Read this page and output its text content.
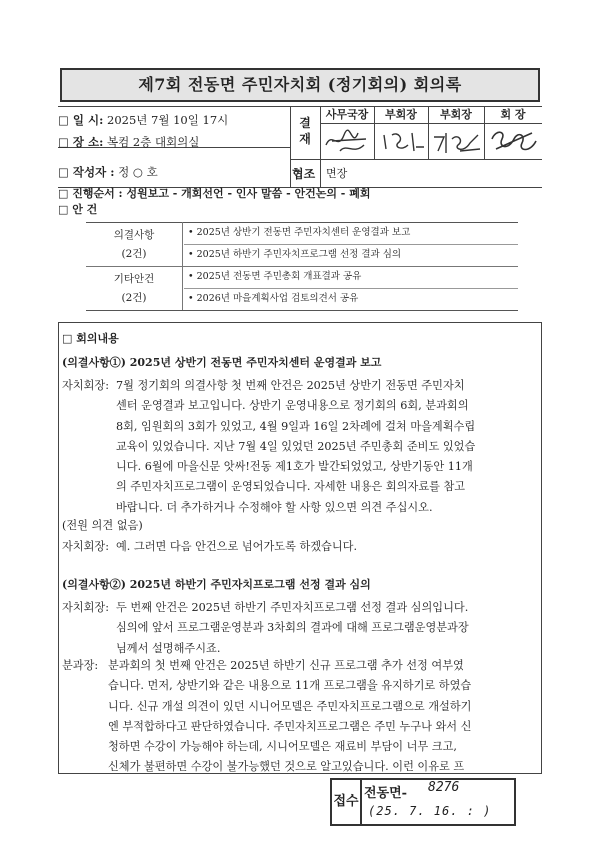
제7회 전동면 주민자치회 (정기회의) 회의록
□ 일 시: 2025년 7월 10일 17시
□ 장 소: 복컴 2층 대회의실
□ 작성자 : 정 ○ 호
결재
사무국장	부회장	부회장	회 장
협조 면장
□ 진행순서 : 성원보고 - 개회선언 - 인사 말씀 - 안건논의 - 폐회
□ 안 건
의결사항
(2건)
• 2025년 상반기 전동면 주민자치센터 운영결과 보고
• 2025년 하반기 주민자치프로그램 선정 결과 심의
기타안건
(2건)
• 2025년 전동면 주민총회 개표결과 공유
• 2026년 마을계획사업 검토의견서 공유
□ 회의내용
(의결사항①) 2025년 상반기 전동면 주민자치센터 운영결과 보고
자치회장: 7월 정기회의 의결사항 첫 번째 안건은 2025년 상반기 전동면 주민자치
센터 운영결과 보고입니다. 상반기 운영내용으로 정기회의 6회, 분과회의
8회, 임원회의 3회가 있었고, 4월 9일과 16일 2차례에 걸쳐 마을계획수립
교육이 있었습니다. 지난 7월 4일 있었던 2025년 주민총회 준비도 있었습
니다. 6월에 마을신문 앗싸!전동 제1호가 발간되었었고, 상반기동안 11개
의 주민자치프로그램이 운영되었습니다. 자세한 내용은 회의자료를 참고
바랍니다. 더 추가하거나 수정해야 할 사항 있으면 의견 주십시오.
(전원 의견 없음)
자치회장: 예. 그러면 다음 안건으로 넘어가도록 하겠습니다.
(의결사항②) 2025년 하반기 주민자치프로그램 선정 결과 심의
자치회장: 두 번째 안건은 2025년 하반기 주민자치프로그램 선정 결과 심의입니다.
심의에 앞서 프로그램운영분과 3차회의 결과에 대해 프로그램운영분과장
님께서 설명해주시죠.
분과장: 분과회의 첫 번째 안건은 2025년 하반기 신규 프로그램 추가 선정 여부였
습니다. 먼저, 상반기와 같은 내용으로 11개 프로그램을 유지하기로 하였습
니다. 신규 개설 의견이 있던 시니어모델은 주민자치프로그램으로 개설하기
엔 부적합하다고 판단하였습니다. 주민자치프로그램은 주민 누구나 와서 신
청하면 수강이 가능해야 하는데, 시니어모델은 재료비 부담이 너무 크고,
신체가 불편하면 수강이 불가능했던 것으로 알고있습니다. 이런 이유로 프
접수
전동면- 8276
(25. 7. 16. : )
